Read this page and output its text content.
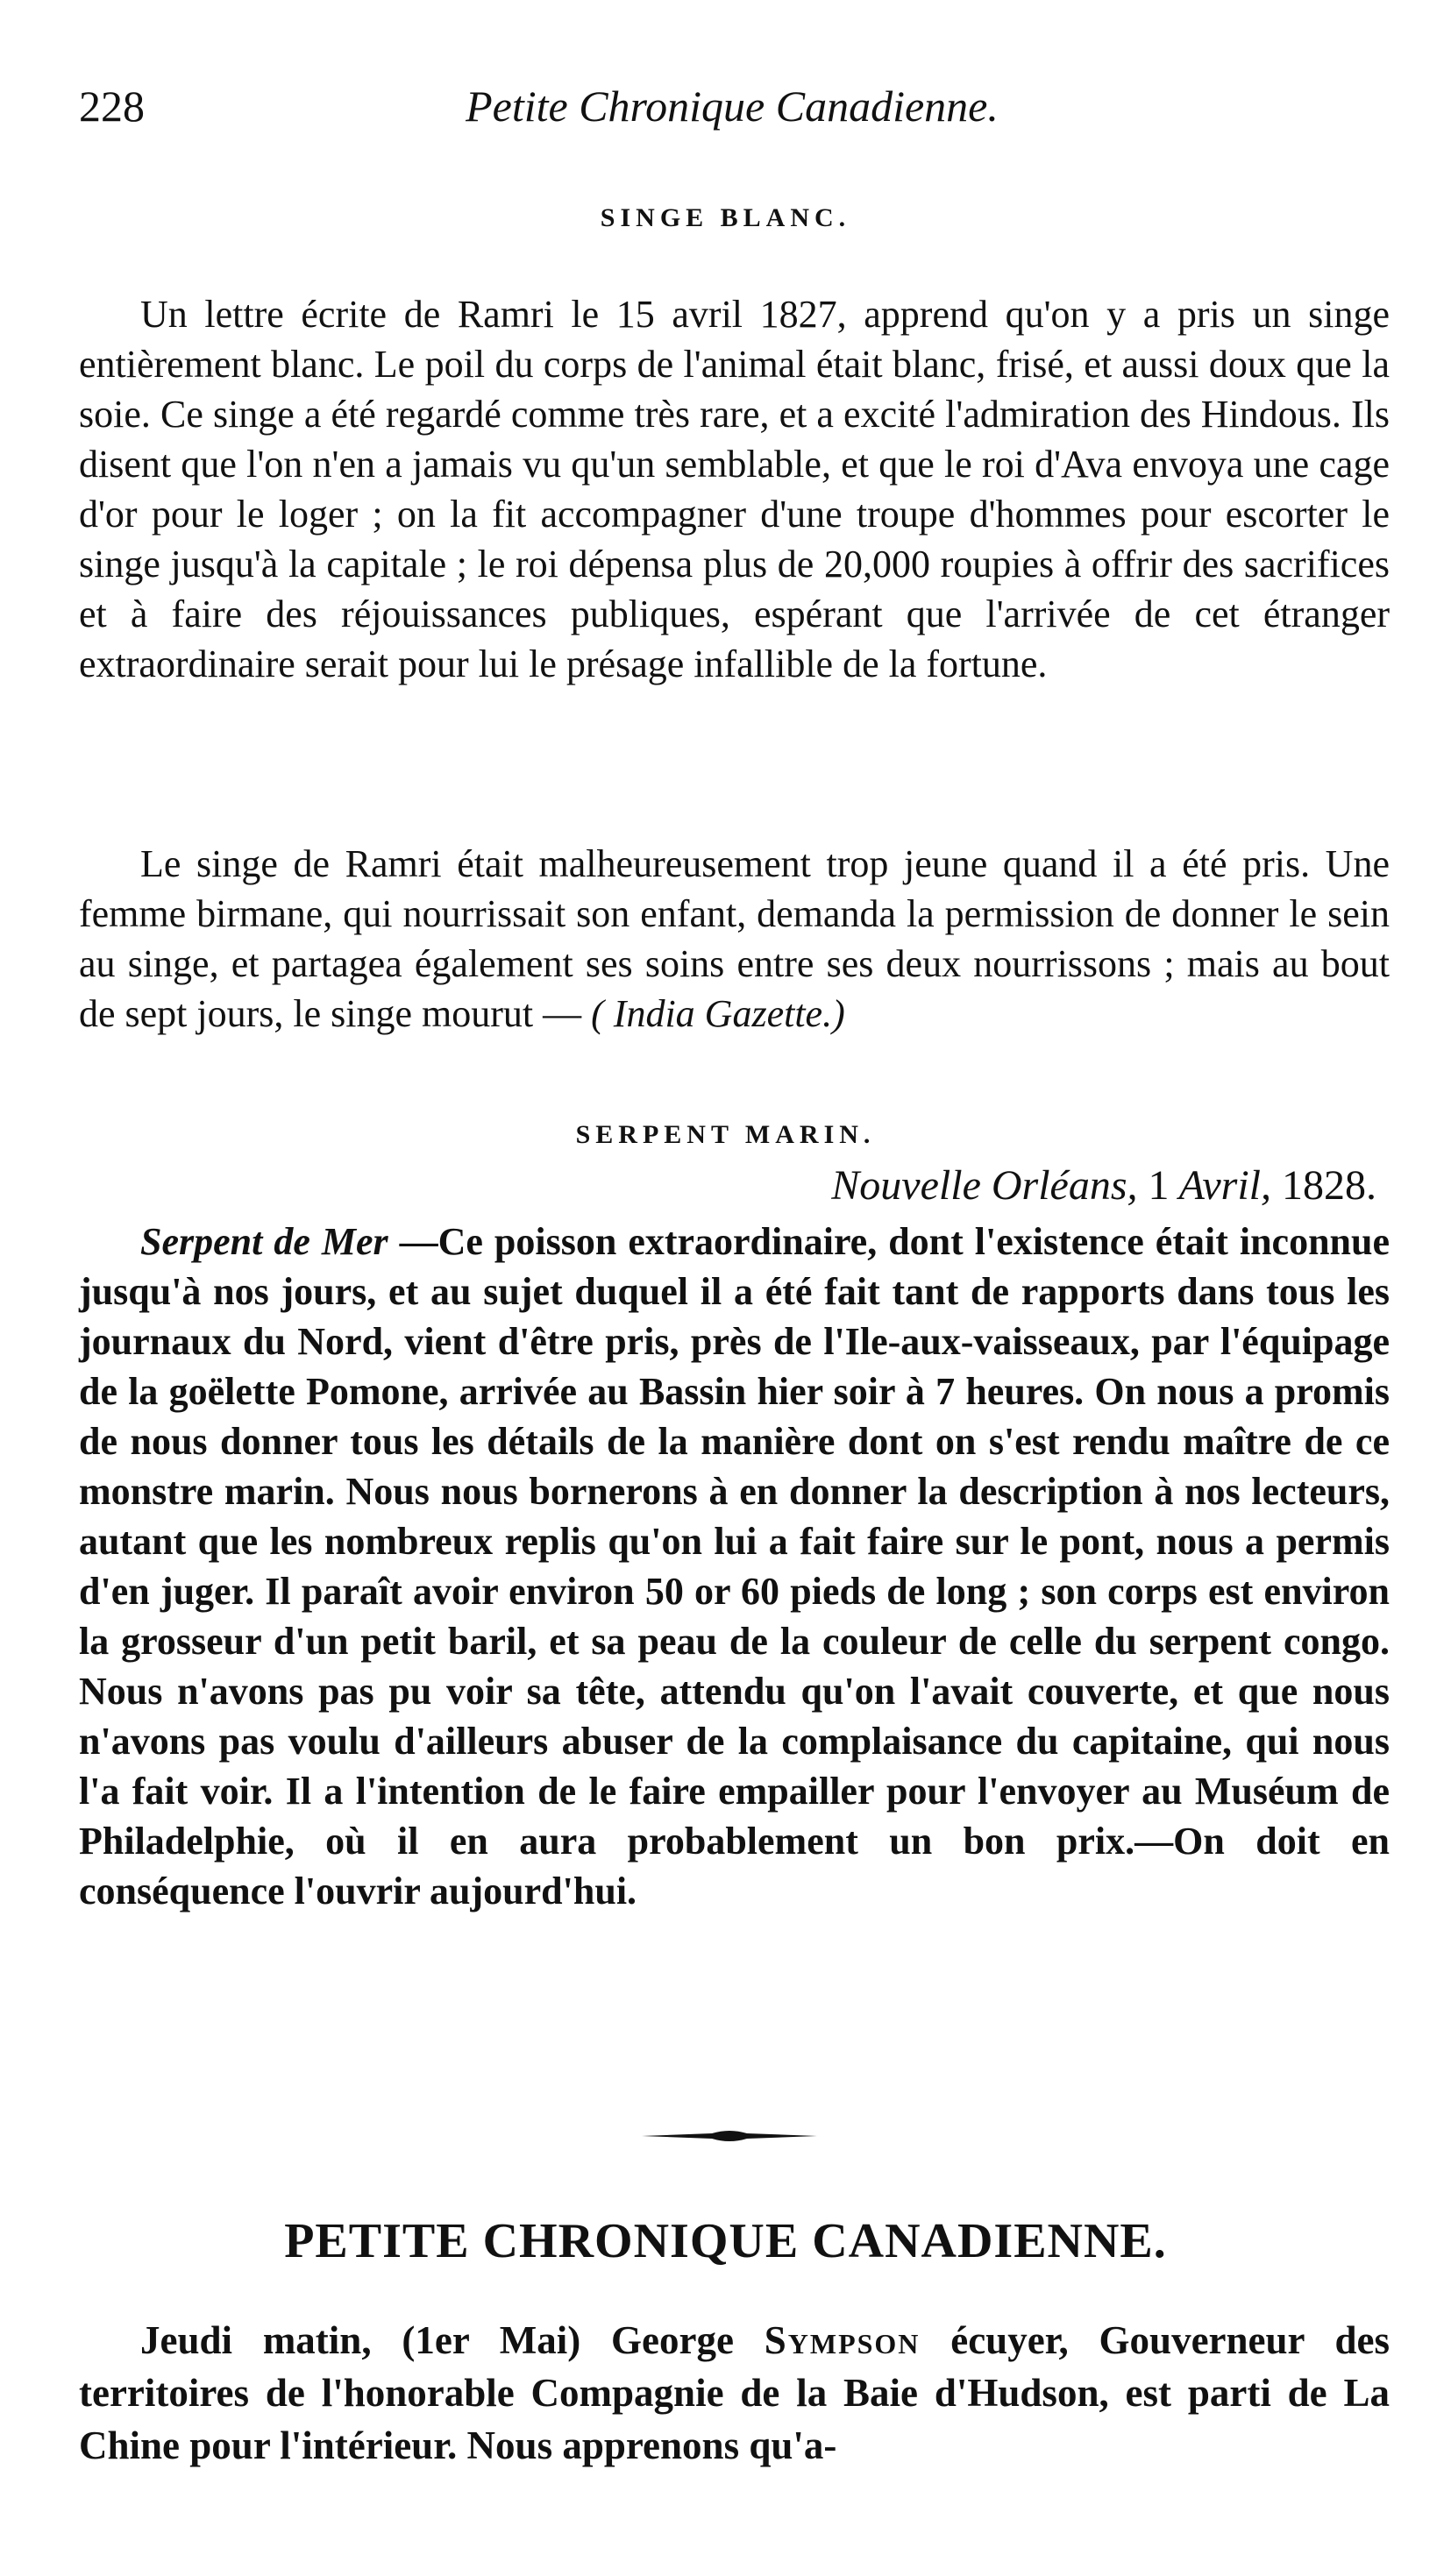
228	Petite Chronique Canadienne.
SINGE BLANC.

Un lettre écrite de Ramri le 15 avril 1827, apprend qu'on y a pris un singe entièrement blanc. Le poil du corps de l'animal était blanc, frisé, et aussi doux que la soie. Ce singe a été regardé comme très rare, et a excité l'admiration des Hindous. Ils disent que l'on n'en a jamais vu qu'un semblable, et que le roi d'Ava envoya une cage d'or pour le loger ; on la fit accompagner d'une troupe d'hommes pour escorter le singe jusqu'à la capitale ; le roi dépensa plus de 20,000 roupies à offrir des sacrifices et à faire des réjouissances publiques, espérant que l'arrivée de cet étranger extraordinaire serait pour lui le présage infallible de la fortune.

Le singe de Ramri était malheureusement trop jeune quand il a été pris. Une femme birmane, qui nourrissait son enfant, demanda la permission de donner le sein au singe, et partagea également ses soins entre ses deux nourrissons ; mais au bout de sept jours, le singe mourut — ( India Gazette.)

SERPENT MARIN.
Nouvelle Orléans, 1 Avril, 1828.

Serpent de Mer —Ce poisson extraordinaire, dont l'existence était inconnue jusqu'à nos jours, et au sujet duquel il a été fait tant de rapports dans tous les journaux du Nord, vient d'être pris, près de l'Ile-aux-vaisseaux, par l'équipage de la goëlette Pomone, arrivée au Bassin hier soir à 7 heures. On nous a promis de nous donner tous les détails de la manière dont on s'est rendu maître de ce monstre marin. Nous nous bornerons à en donner la description à nos lecteurs, autant que les nombreux replis qu'on lui a fait faire sur le pont, nous a permis d'en juger. Il paraît avoir environ 50 or 60 pieds de long ; son corps est environ la grosseur d'un petit baril, et sa peau de la couleur de celle du serpent congo. Nous n'avons pas pu voir sa tête, attendu qu'on l'avait couverte, et que nous n'avons pas voulu d'ailleurs abuser de la complaisance du capitaine, qui nous l'a fait voir. Il a l'intention de le faire empailler pour l'envoyer au Muséum de Philadelphie, où il en aura probablement un bon prix.—On doit en conséquence l'ouvrir aujourd'hui.

PETITE CHRONIQUE CANADIENNE.

Jeudi matin, (1er Mai) George Sympson écuyer, Gouverneur des territoires de l'honorable Compagnie de la Baie d'Hudson, est parti de La Chine pour l'intérieur. Nous apprenons qu'a-
